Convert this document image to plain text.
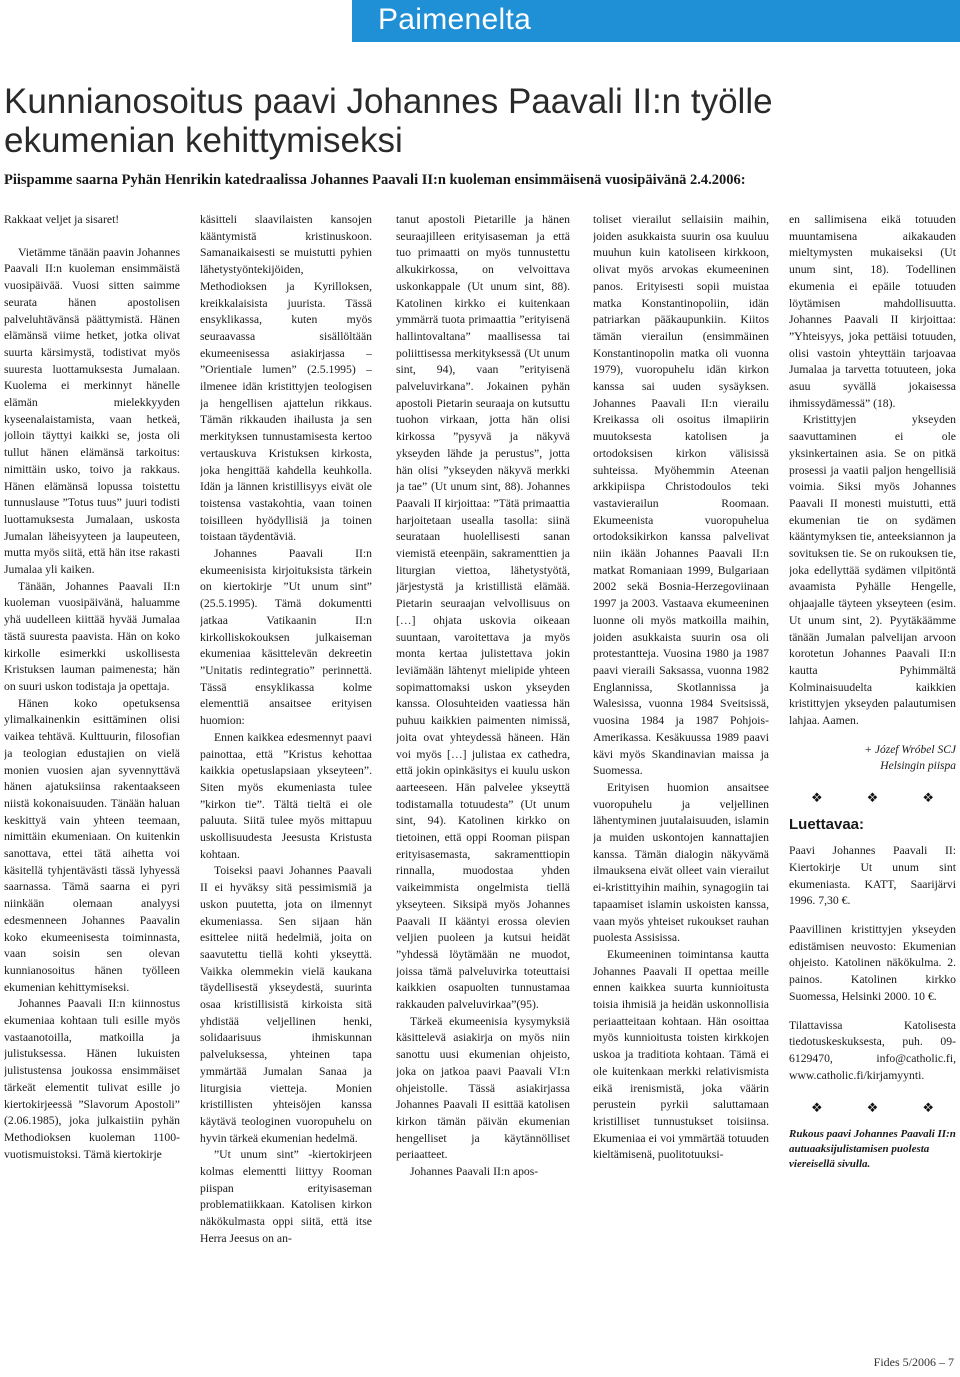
Paimenelta
Kunnianosoitus paavi Johannes Paavali II:n työlle ekumenian kehittymiseksi
Piispamme saarna Pyhän Henrikin katedraalissa Johannes Paavali II:n kuoleman ensimmäisenä vuosipäivänä 2.4.2006:

Rakkaat veljet ja sisaret!

Vietämme tänään paavin Johannes Paavali II:n kuoleman ensimmäistä vuosipäivää. Vuosi sitten saimme seurata hänen apostolisen palveluhtävänsä päättymistä. Hänen elämänsä viime hetket, jotka olivat suurta kärsimystä, todistivat myös suuresta luottamuksesta Jumalaan. Kuolema ei merkinnyt hänelle elämän mielekkyyden kyseenalaistamista, vaan hetkeä, jolloin täyttyi kaikki se, josta oli tullut hänen elämänsä tarkoitus: nimittäin usko, toivo ja rakkaus. Hänen elämänsä lopussa toistettu tunnuslause ”Totus tuus” juuri todisti luottamuksesta Jumalaan, uskosta Jumalan läheisyyteen ja laupeuteen, mutta myös siitä, että hän itse rakasti Jumalaa yli kaiken.

Tänään, Johannes Paavali II:n kuoleman vuosipäivänä, haluamme yhä uudelleen kiittää hyvää Jumalaa tästä suuresta paavista. Hän on koko kirkolle esimerkki uskollisesta Kristuksen lauman paimenesta; hän on suuri uskon todistaja ja opettaja.

Hänen koko opetuksensa ylimalkainenkin esittäminen olisi vaikea tehtävä. Kulttuurin, filosofian ja teologian edustajien on vielä monien vuosien ajan syvennyttävä hänen ajatuksiinsa rakentaakseen niistä kokonaisuuden. Tänään haluan keskittyä vain yhteen teemaan, nimittäin ekumeniaan. On kuitenkin sanottava, ettei tätä aihetta voi käsitellä tyhjentävästi tässä lyhyessä saarnassa. Tämä saarna ei pyri niinkään olemaan analyysi edesmenneen Johannes Paavalin koko ekumeenisesta toiminnasta, vaan soisin sen olevan kunnianosoitus hänen työlleen ekumenian kehittymiseksi.

Johannes Paavali II:n kiinnostus ekumeniaa kohtaan tuli esille myös vastaanotoilla, matkoilla ja julistuksessa. Hänen lukuisten julistustensa joukossa ensimmäiset tärkeät elementit tulivat esille jo kiertokirjeessä ”Slavorum Apostoli” (2.06.1985), joka julkaistiin pyhän Methodioksen kuoleman 1100-vuotismuistoksi. Tämä kiertokirje

käsitteli slaavilaisten kansojen kääntymistä kristinuskoon. Samanaikaisesti se muistutti pyhien lähetystyöntekijöiden, Methodioksen ja Kyrilloksen, kreikkalaisista juurista. Tässä ensyklikassa, kuten myös seuraavassa sisällöltään ekumeenisessa asiakirjassa – ”Orientiale lumen” (2.5.1995) – ilmenee idän kristittyjen teologisen ja hengellisen ajattelun rikkaus. Tämän rikkauden ihailusta ja sen merkityksen tunnustamisesta kertoo vertauskuva Kristuksen kirkosta, joka hengittää kahdella keuhkolla. Idän ja lännen kristillisyys eivät ole toistensa vastakohtia, vaan toinen toisilleen hyödyllisiä ja toinen toistaan täydentäviä.

Johannes Paavali II:n ekumeenisista kirjoituksista tärkein on kiertokirje ”Ut unum sint” (25.5.1995). Tämä dokumentti jatkaa Vatikaanin II:n kirkolliskokouksen julkaiseman ekumeniaa käsittelevän dekreetin ”Unitatis redintegratio” perinnettä. Tässä ensyklikassa kolme elementtiä ansaitsee erityisen huomion:

Ennen kaikkea edesmennyt paavi painottaa, että ”Kristus kehottaa kaikkia opetuslapsiaan ykseyteen”. Siten myös ekumeniasta tulee ”kirkon tie”. Tältä tieltä ei ole paluuta. Siitä tulee myös mittapuu uskollisuudesta Jeesusta Kristusta kohtaan.

Toiseksi paavi Johannes Paavali II ei hyväksy sitä pessimismiä ja uskon puutetta, jota on ilmennyt ekumeniassa. Sen sijaan hän esittelee niitä hedelmiä, joita on saavutettu tiellä kohti ykseyttä. Vaikka olemmekin vielä kaukana täydellisestä ykseydestä, suurinta osaa kristillisistä kirkoista sitä yhdistää veljellinen henki, solidaarisuus ihmiskunnan palveluksessa, yhteinen tapa ymmärtää Jumalan Sanaa ja liturgisia vietteja. Monien kristillisten yhteisöjen kanssa käytävä teologinen vuoropuhelu on hyvin tärkeä ekumenian hedelmä.

”Ut unum sint” -kiertokirjeen kolmas elementti liittyy Rooman piispan erityisaseman problematiikkaan. Katolisen kirkon näkökulmasta oppi siitä, että itse Herra Jeesus on an-

tanut apostoli Pietarille ja hänen seuraajilleen erityisaseman ja että tuo primaatti on myös tunnustettu alkukirkossa, on velvoittava uskonkappale (Ut unum sint, 88). Katolinen kirkko ei kuitenkaan ymmärrä tuota primaattia ”erityisenä hallintovaltana” maallisessa tai poliittisessa merkityksessä (Ut unum sint, 94), vaan ”erityisenä palveluvirkana”. Jokainen pyhän apostoli Pietarin seuraaja on kutsuttu tuohon virkaan, jotta hän olisi kirkossa ”pysyvä ja näkyvä ykseyden lähde ja perustus”, jotta hän olisi ”ykseyden näkyvä merkki ja tae” (Ut unum sint, 88). Johannes Paavali II kirjoittaa: ”Tätä primaattia harjoitetaan usealla tasolla: siinä seurataan huolellisesti sanan viemistä eteenpäin, sakramenttien ja liturgian viettoa, lähetystyötä, järjestystä ja kristillistä elämää. Pietarin seuraajan velvollisuus on […] ohjata uskovia oikeaan suuntaan, varoitettava ja myös monta kertaa julistettava jokin leviämään lähtenyt mielipide yhteen sopimattomaksi uskon ykseyden kanssa. Olosuhteiden vaatiessa hän puhuu kaikkien paimenten nimissä, joita ovat yhteydessä häneen. Hän voi myös […] julistaa ex cathedra, että jokin opinkäsitys ei kuulu uskon aarteeseen. Hän palvelee ykseyttä todistamalla totuudesta” (Ut unum sint, 94). Katolinen kirkko on tietoinen, että oppi Rooman piispan erityisasemasta, sakramenttiopin rinnalla, muodostaa yhden vaikeimmista ongelmista tiellä ykseyteen. Siksipä myös Johannes Paavali II kääntyi erossa olevien veljien puoleen ja kutsui heidät ”yhdessä löytämään ne muodot, joissa tämä palveluvirka toteuttaisi kaikkien osapuolten tunnustamaa rakkauden palveluvirkaa”(95).

Tärkeä ekumeenisia kysymyksiä käsittelevä asiakirja on myös niin sanottu uusi ekumenian ohjeisto, joka on jatkoa paavi Paavali VI:n ohjeistolle. Tässä asiakirjassa Johannes Paavali II esittää katolisen kirkon tämän päivän ekumenian hengelliset ja käytännölliset periaatteet.

Johannes Paavali II:n apos-

toliset vierailut sellaisiin maihin, joiden asukkaista suurin osa kuuluu muuhun kuin katoliseen kirkkoon, olivat myös arvokas ekumeeninen panos. Erityisesti sopii muistaa matka Konstantinopoliin, idän patriarkan pääkaupunkiin. Kiitos tämän vierailun (ensimmäinen Konstantinopolin matka oli vuonna 1979), vuoropuhelu idän kirkon kanssa sai uuden sysäyksen. Johannes Paavali II:n vierailu Kreikassa oli osoitus ilmapiirin muutoksesta katolisen ja ortodoksisen kirkon välisissä suhteissa. Myöhemmin Ateenan arkkipiispa Christodoulos teki vastavierailun Roomaan. Ekumeenista vuoropuhelua ortodoksikirkon kanssa palvelivat niin ikään Johannes Paavali II:n matkat Romaniaan 1999, Bulgariaan 2002 sekä Bosnia-Herzegoviinaan 1997 ja 2003. Vastaava ekumeeninen luonne oli myös matkoilla maihin, joiden asukkaista suurin osa oli protestantteja. Vuosina 1980 ja 1987 paavi vieraili Saksassa, vuonna 1982 Englannissa, Skotlannissa ja Walesissa, vuonna 1984 Sveitsissä, vuosina 1984 ja 1987 Pohjois-Amerikassa. Kesäkuussa 1989 paavi kävi myös Skandinavian maissa ja Suomessa.

Erityisen huomion ansaitsee vuoropuhelu ja veljellinen lähentyminen juutalaisuuden, islamin ja muiden uskontojen kannattajien kanssa. Tämän dialogin näkyvämä ilmauksena eivät olleet vain vierailut ei-kristittyihin maihin, synagogiin tai tapaamiset islamin uskoisten kanssa, vaan myös yhteiset rukoukset rauhan puolesta Assisissa.

Ekumeeninen toimintansa kautta Johannes Paavali II opettaa meille ennen kaikkea suurta kunnioitusta toisia ihmisiä ja heidän uskonnollisia periaatteitaan kohtaan. Hän osoittaa myös kunnioitusta toisten kirkkojen uskoa ja traditiota kohtaan. Tämä ei ole kuitenkaan merkki relativismista eikä irenismistä, joka väärin perustein pyrkii saluttamaan kristilliset tunnustukset toisiinsa. Ekumeniaa ei voi ymmärtää totuuden kieltämisenä, puolitotuuksi-

en sallimisena eikä totuuden muuntamisena aikakauden mieltymysten mukaiseksi (Ut unum sint, 18). Todellinen ekumenia ei epäile totuuden löytämisen mahdollisuutta. Johannes Paavali II kirjoittaa: ”Yhteisyys, joka pettäisi totuuden, olisi vastoin yhteyttäin tarjoavaa Jumalaa ja tarvetta totuuteen, joka asuu syvällä jokaisessa ihmissydämessä” (18).

Kristittyjen ykseyden saavuttaminen ei ole yksinkertainen asia. Se on pitkä prosessi ja vaatii paljon hengellisiä voimia. Siksi myös Johannes Paavali II monesti muistutti, että ekumenian tie on sydämen kääntymyksen tie, anteeksiannon ja sovituksen tie. Se on rukouksen tie, joka edellyttää sydämen vilpitöntä avaamista Pyhälle Hengelle, ohjaajalle täyteen ykseyteen (esim. Ut unum sint, 2). Pyytäkäämme tänään Jumalan palvelijan arvoon korotetun Johannes Paavali II:n kautta Pyhimmältä Kolminaisuudelta kaikkien kristittyjen ykseyden palautumisen lahjaa. Aamen.

+ Józef Wróbel SCJ

Helsingin piispa

❖	❖	❖

Luettavaa:

Paavi Johannes Paavali II: Kiertokirje Ut unum sint ekumeniasta. KATT, Saarijärvi 1996. 7,30 €.

Paavillinen kristittyjen ykseyden edistämisen neuvosto: Ekumenian ohjeisto. Katolinen näkökulma. 2. painos. Katolinen kirkko Suomessa, Helsinki 2000. 10 €.

Tilattavissa Katolisesta tiedotuskeskuksesta, puh. 09-6129470, info@catholic.fi, www.catholic.fi/kirjamyynti.

❖	❖	❖

Rukous paavi Johannes Paavali II:n autuaaksijulistamisen puolesta viereisellä sivulla.

Fides 5/2006 – 7
